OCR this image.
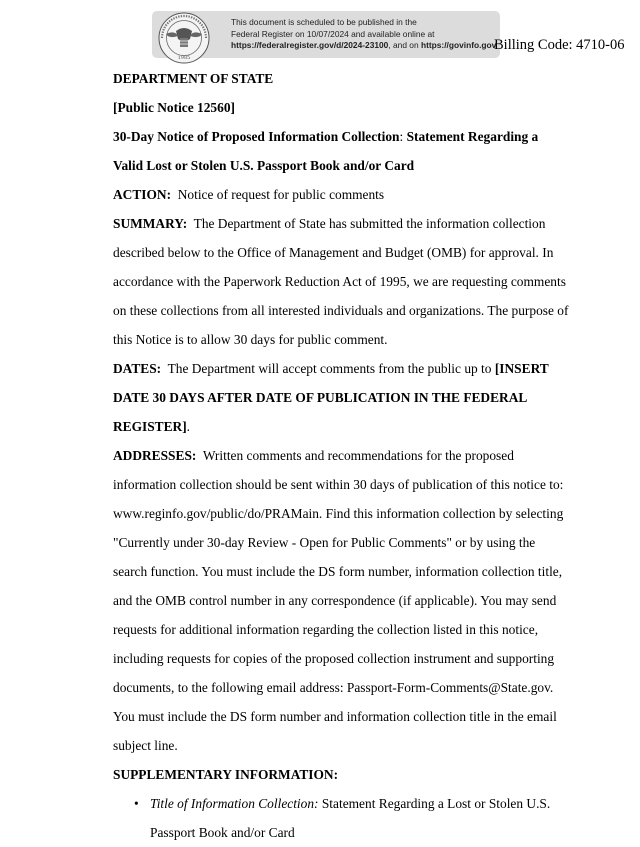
1985
This document is scheduled to be published in the
Federal Register on 10/07/2024 and available online at
https://federalregister.gov/d/2024-23100, and on https://govinfo.gov
Billing Code: 4710-06

DEPARTMENT OF STATE

[Public Notice 12560]

30-Day Notice of Proposed Information Collection: Statement Regarding a Valid Lost or Stolen U.S. Passport Book and/or Card

ACTION: Notice of request for public comments

SUMMARY: The Department of State has submitted the information collection described below to the Office of Management and Budget (OMB) for approval. In accordance with the Paperwork Reduction Act of 1995, we are requesting comments on these collections from all interested individuals and organizations. The purpose of this Notice is to allow 30 days for public comment.

DATES: The Department will accept comments from the public up to [INSERT DATE 30 DAYS AFTER DATE OF PUBLICATION IN THE FEDERAL REGISTER].

ADDRESSES: Written comments and recommendations for the proposed information collection should be sent within 30 days of publication of this notice to: www.reginfo.gov/public/do/PRAMain. Find this information collection by selecting "Currently under 30-day Review - Open for Public Comments" or by using the search function. You must include the DS form number, information collection title, and the OMB control number in any correspondence (if applicable). You may send requests for additional information regarding the collection listed in this notice, including requests for copies of the proposed collection instrument and supporting documents, to the following email address: Passport-Form-Comments@State.gov. You must include the DS form number and information collection title in the email subject line.

SUPPLEMENTARY INFORMATION:

• Title of Information Collection: Statement Regarding a Lost or Stolen U.S. Passport Book and/or Card
